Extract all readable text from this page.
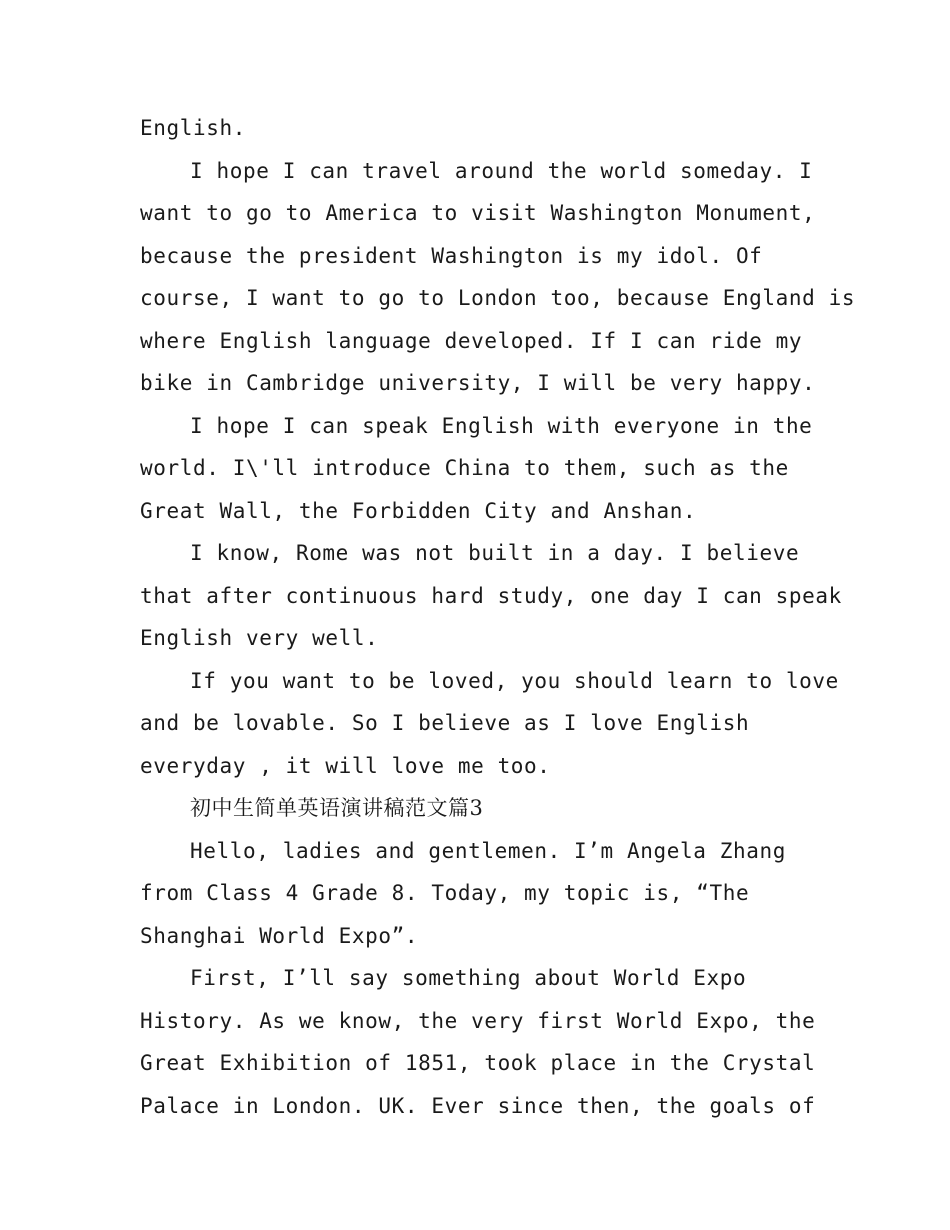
English.
I hope I can travel around the world someday. I
want to go to America to visit Washington Monument,
because the president Washington is my idol. Of
course, I want to go to London too, because England is
where English language developed. If I can ride my
bike in Cambridge university, I will be very happy.
I hope I can speak English with everyone in the
world. I\'ll introduce China to them, such as the
Great Wall, the Forbidden City and Anshan.
I know, Rome was not built in a day. I believe
that after continuous hard study, one day I can speak
English very well.
If you want to be loved, you should learn to love
and be lovable. So I believe as I love English
everyday , it will love me too.
初中生简单英语演讲稿范文篇3
Hello, ladies and gentlemen. I’m Angela Zhang
from Class 4 Grade 8. Today, my topic is, “The
Shanghai World Expo”.
First, I’ll say something about World Expo
History. As we know, the very first World Expo, the
Great Exhibition of 1851, took place in the Crystal
Palace in London. UK. Ever since then, the goals of
